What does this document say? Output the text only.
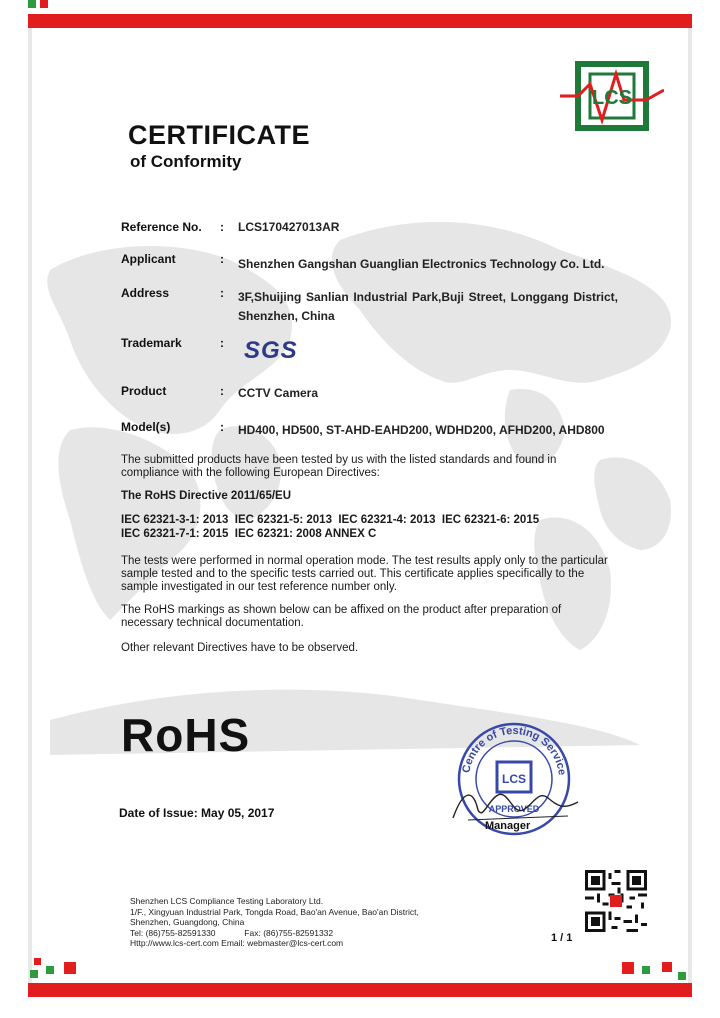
LCS
CERTIFICATE
of Conformity
Reference No. : LCS170427013AR
Applicant	: Shenzhen Gangshan Guanglian Electronics Technology Co. Ltd.
Address	: 3F,Shuijing Sanlian Industrial Park,Buji Street, Longgang District, Shenzhen, China
Trademark	: SGS
Product	: CCTV Camera
Model(s)	: HD400, HD500, ST-AHD-EAHD200, WDHD200, AFHD200, AHD800
The submitted products have been tested by us with the listed standards and found in compliance with the following European Directives:
The RoHS Directive 2011/65/EU
IEC 62321-3-1: 2013  IEC 62321-5: 2013  IEC 62321-4: 2013  IEC 62321-6: 2015
IEC 62321-7-1: 2015  IEC 62321: 2008 ANNEX C
The tests were performed in normal operation mode. The test results apply only to the particular sample tested and to the specific tests carried out. This certificate applies specifically to the sample investigated in our test reference number only.
The RoHS markings as shown below can be affixed on the product after preparation of necessary technical documentation.
Other relevant Directives have to be observed.
RoHS
Date of Issue: May 05, 2017
Centre of Testing Service
LCS
APPROVED
Manager
Shenzhen LCS Compliance Testing Laboratory Ltd.
1/F., Xingyuan Industrial Park, Tongda Road, Bao'an Avenue, Bao'an District,
Shenzhen, Guangdong, China
Tel: (86)755-82591330	Fax: (86)755-82591332
Http://www.lcs-cert.com Email: webmaster@lcs-cert.com	1 / 1
